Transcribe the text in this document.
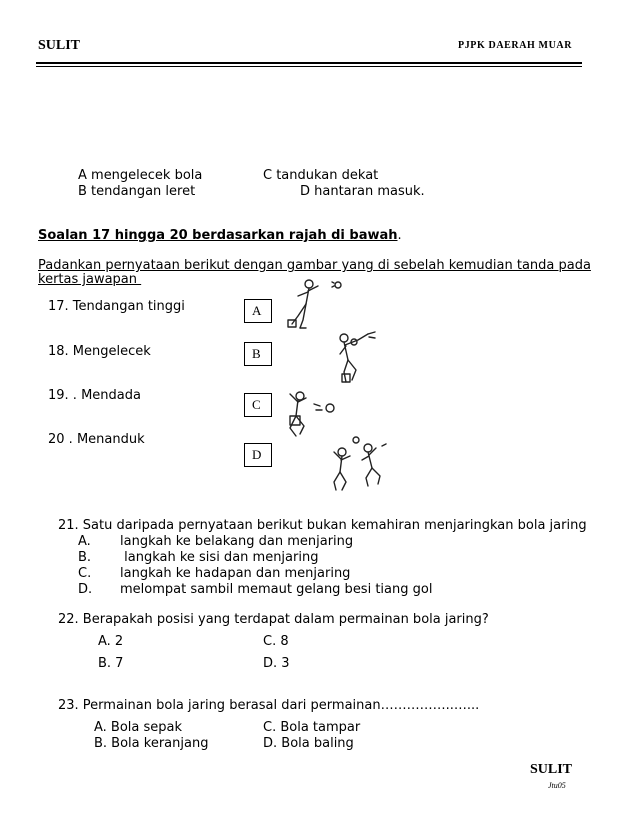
SULIT	PJPK DAERAH MUAR
A mengelecek bola	C tandukan dekat
B tendangan leret	D hantaran masuk.
Soalan 17 hingga 20 berdasarkan rajah di bawah.
Padankan pernyataan berikut dengan gambar yang di sebelah kemudian tanda pada
kertas jawapan
17. Tendangan tinggi
18. Mengelecek
19. . Mendada
20 . Menanduk
A
B
C
D
21. Satu daripada pernyataan berikut bukan kemahiran menjaringkan bola jaring
A. langkah ke belakang dan menjaring
B. langkah ke sisi dan menjaring
C. langkah ke hadapan dan menjaring
D. melompat sambil memaut gelang besi tiang gol
22. Berapakah posisi yang terdapat dalam permainan bola jaring?
A. 2	C. 8
B. 7	D. 3
23. Permainan bola jaring berasal dari permainan……………..…...
A. Bola sepak	C. Bola tampar
B. Bola keranjang	D. Bola baling
SULIT
Jtu05
